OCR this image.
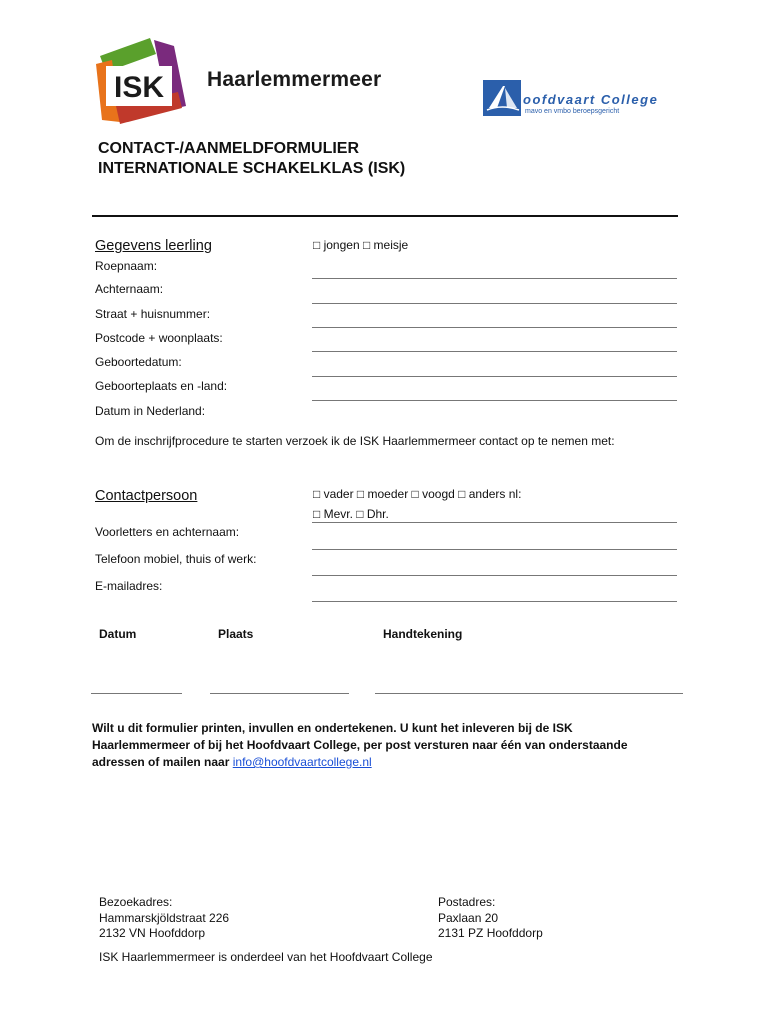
ISK Haarlemmermeer
oofdvaart College
mavo en vmbo beroepsgericht
CONTACT-/AANMELDFORMULIER
INTERNATIONALE SCHAKELKLAS (ISK)
Gegevens leerling	□ jongen □ meisje
Roepnaam:
Achternaam:
Straat + huisnummer:
Postcode + woonplaats:
Geboortedatum:
Geboorteplaats en -land:
Datum in Nederland:
Om de inschrijfprocedure te starten verzoek ik de ISK Haarlemmermeer contact op te nemen met:
Contactpersoon	□ vader □ moeder □ voogd □ anders nl:
□ Mevr. □ Dhr.
Voorletters en achternaam:
Telefoon mobiel, thuis of werk:
E-mailadres:
Datum	Plaats	Handtekening
Wilt u dit formulier printen, invullen en ondertekenen. U kunt het inleveren bij de ISK
Haarlemmermeer of bij het Hoofdvaart College, per post versturen naar één van onderstaande
adressen of mailen naar info@hoofdvaartcollege.nl
Bezoekadres:
Hammarskjöldstraat 226
2132 VN Hoofddorp
Postadres:
Paxlaan 20
2131 PZ Hoofddorp
ISK Haarlemmermeer is onderdeel van het Hoofdvaart College
